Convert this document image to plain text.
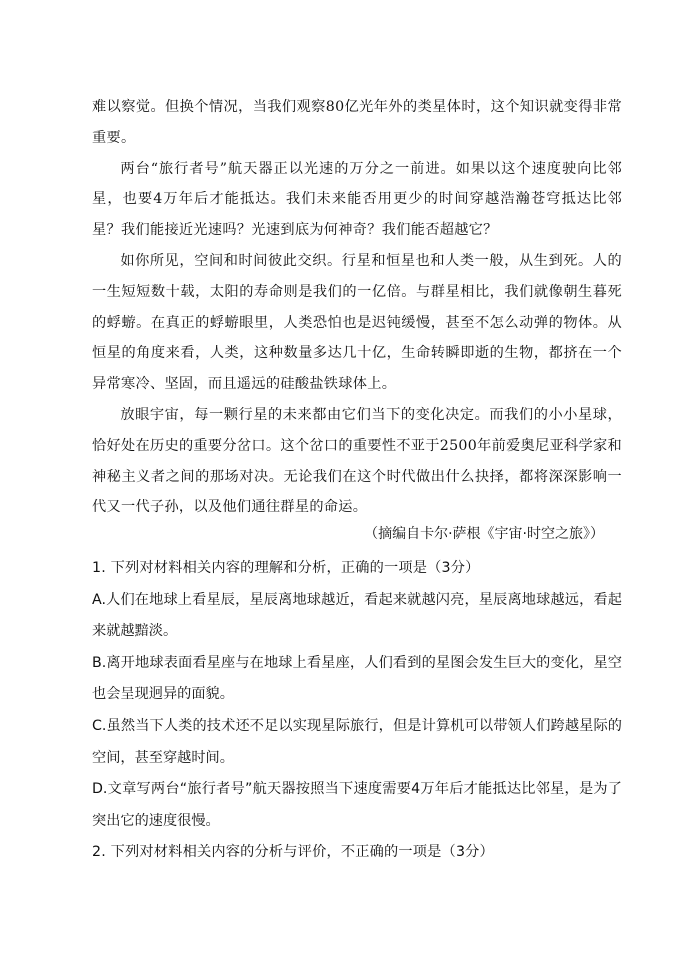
难以察觉。但换个情况，当我们观察80亿光年外的类星体时，这个知识就变得非常重要。

两台“旅行者号”航天器正以光速的万分之一前进。如果以这个速度驶向比邻星，也要4万年后才能抵达。我们未来能否用更少的时间穿越浩瀚苍穹抵达比邻星？我们能接近光速吗？光速到底为何神奇？我们能否超越它？

如你所见，空间和时间彼此交织。行星和恒星也和人类一般，从生到死。人的一生短短数十载，太阳的寿命则是我们的一亿倍。与群星相比，我们就像朝生暮死的蜉蝣。在真正的蜉蝣眼里，人类恐怕也是迟钝缓慢，甚至不怎么动弹的物体。从恒星的角度来看，人类，这种数量多达几十亿，生命转瞬即逝的生物，都挤在一个异常寒冷、坚固，而且遥远的硅酸盐铁球体上。

放眼宇宙，每一颗行星的未来都由它们当下的变化决定。而我们的小小星球，恰好处在历史的重要分岔口。这个岔口的重要性不亚于2500年前爱奥尼亚科学家和神秘主义者之间的那场对决。无论我们在这个时代做出什么抉择，都将深深影响一代又一代子孙，以及他们通往群星的命运。

（摘编自卡尔·萨根《宇宙·时空之旅》）

1. 下列对材料相关内容的理解和分析，正确的一项是（3分）

A.人们在地球上看星辰，星辰离地球越近，看起来就越闪亮，星辰离地球越远，看起来就越黯淡。

B.离开地球表面看星座与在地球上看星座，人们看到的星图会发生巨大的变化，星空也会呈现迥异的面貌。

C.虽然当下人类的技术还不足以实现星际旅行，但是计算机可以带领人们跨越星际的空间，甚至穿越时间。

D.文章写两台“旅行者号”航天器按照当下速度需要4万年后才能抵达比邻星，是为了突出它的速度很慢。

2. 下列对材料相关内容的分析与评价，不正确的一项是（3分）
